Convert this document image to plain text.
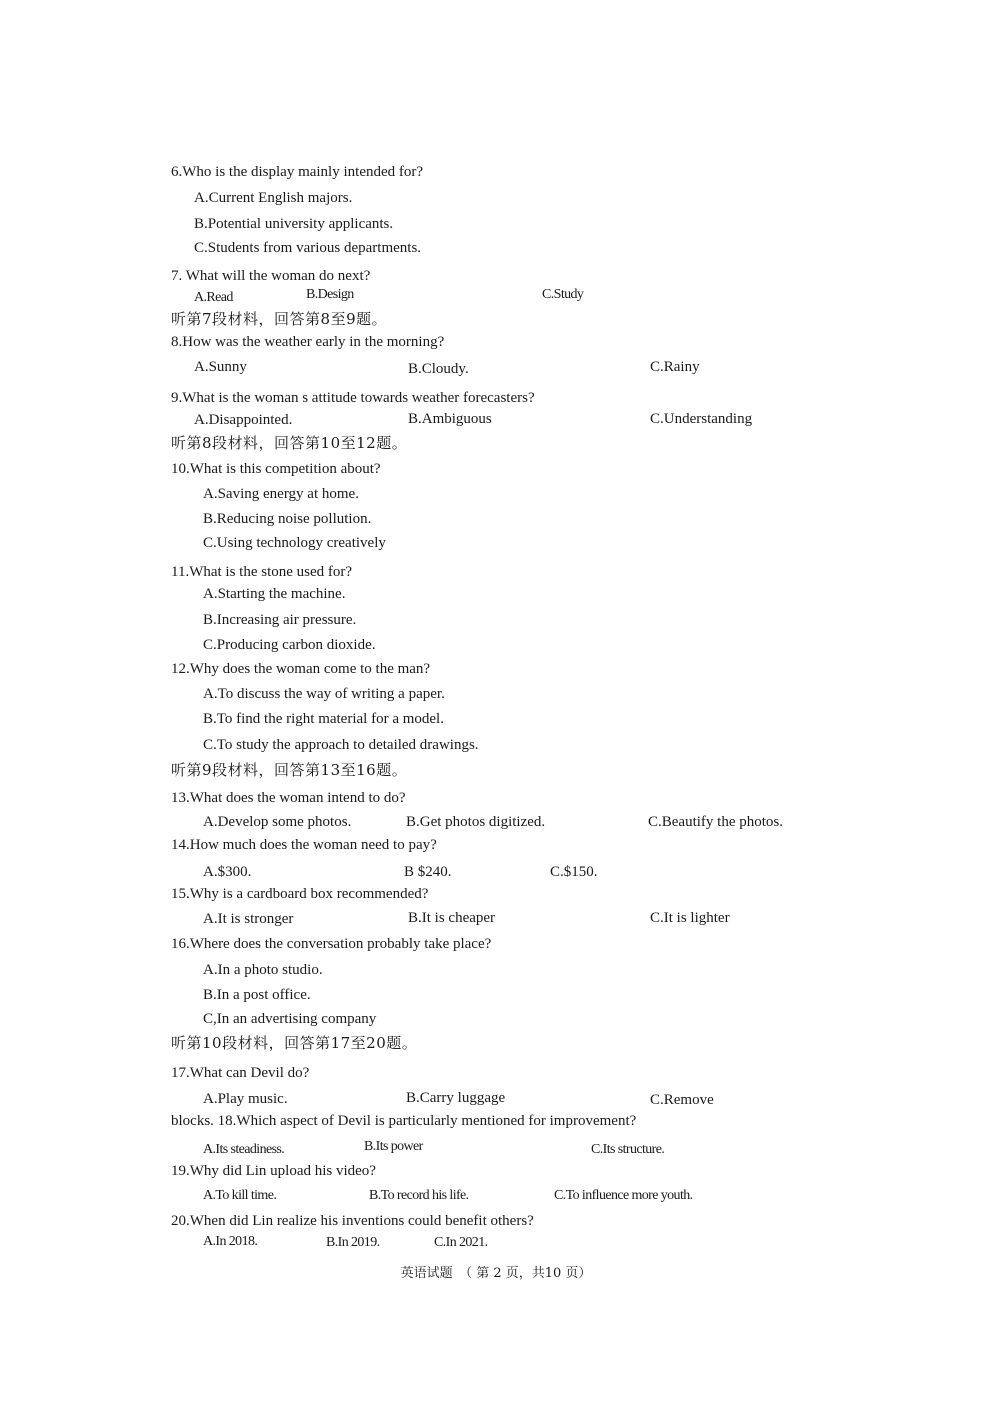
6.Who is the display mainly intended for?
A.Current English majors.
B.Potential university applicants.
C.Students from various departments.
7. What will the woman do next?
A.Read	B.Design	C.Study
听第7段材料，回答第8至9题。
8.How was the weather early in the morning?
A.Sunny	B.Cloudy.	C.Rainy
9.What is the woman s attitude towards weather forecasters?
A.Disappointed.	B.Ambiguous	C.Understanding
听第8段材料，回答第10至12题。
10.What is this competition about?
A.Saving energy at home.
B.Reducing noise pollution.
C.Using technology creatively
11.What is the stone used for?
A.Starting the machine.
B.Increasing air pressure.
C.Producing carbon dioxide.
12.Why does the woman come to the man?
A.To discuss the way of writing a paper.
B.To find the right material for a model.
C.To study the approach to detailed drawings.
听第9段材料，回答第13至16题。
13.What does the woman intend to do?
A.Develop some photos.	B.Get photos digitized.	C.Beautify the photos.
14.How much does the woman need to pay?
A.$300.	B $240.	C.$150.
15.Why is a cardboard box recommended?
A.It is stronger	B.It is cheaper	C.It is lighter
16.Where does the conversation probably take place?
A.In a photo studio.
B.In a post office.
C,In an advertising company
听第10段材料，回答第17至20题。
17.What can Devil do?
A.Play music.	B.Carry luggage	C.Remove
blocks. 18.Which aspect of Devil is particularly mentioned for improvement?
A.Its steadiness.	B.Its power	C.Its structure.
19.Why did Lin upload his video?
A.To kill time.	B.To record his life.	C.To influence more youth.
20.When did Lin realize his inventions could benefit others?
A.In 2018.	B.In 2019.	C.In 2021.
英语试题　（ 第 2 页，共10 页）
